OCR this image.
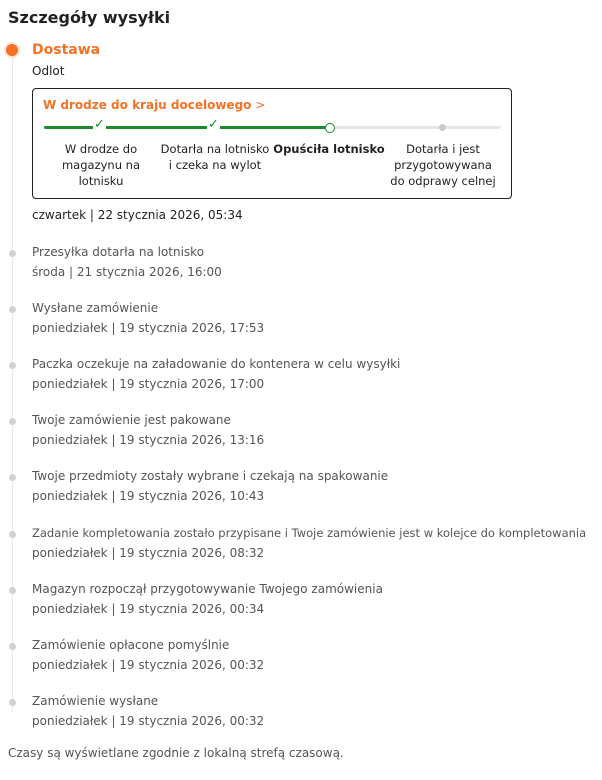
Szczegóły wysyłki
Dostawa
Odlot
W drodze do kraju docelowego >
✓	✓
W drodze do magazynu na lotnisku
Dotarła na lotnisko i czeka na wylot
Opuściła lotnisko	Dotarła i jest przygotowywana do odprawy celnej
czwartek | 22 stycznia 2026, 05:34
Przesyłka dotarła na lotnisko
środa | 21 stycznia 2026, 16:00
Wysłane zamówienie
poniedziałek | 19 stycznia 2026, 17:53
Paczka oczekuje na załadowanie do kontenera w celu wysyłki
poniedziałek | 19 stycznia 2026, 17:00
Twoje zamówienie jest pakowane
poniedziałek | 19 stycznia 2026, 13:16
Twoje przedmioty zostały wybrane i czekają na spakowanie
poniedziałek | 19 stycznia 2026, 10:43
Zadanie kompletowania zostało przypisane i Twoje zamówienie jest w kolejce do kompletowania
poniedziałek | 19 stycznia 2026, 08:32
Magazyn rozpoczął przygotowywanie Twojego zamówienia
poniedziałek | 19 stycznia 2026, 00:34
Zamówienie opłacone pomyślnie
poniedziałek | 19 stycznia 2026, 00:32
Zamówienie wysłane
poniedziałek | 19 stycznia 2026, 00:32
Czasy są wyświetlane zgodnie z lokalną strefą czasową.
